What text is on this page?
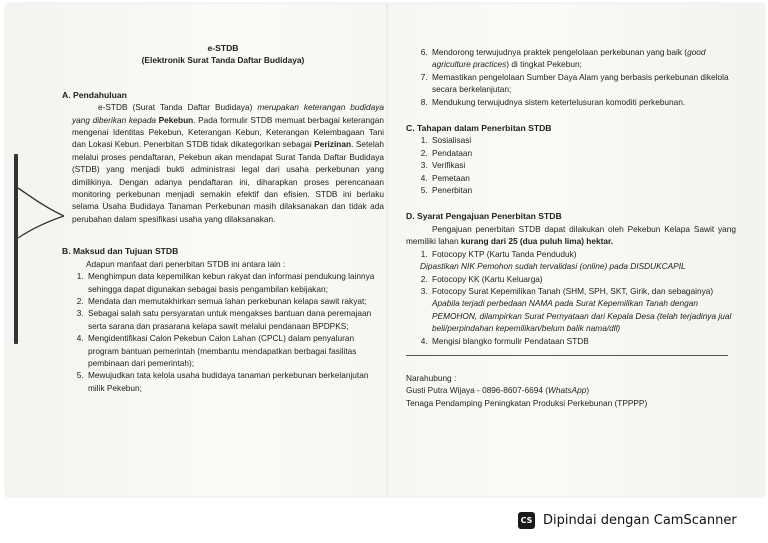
e-STDB
(Elektronik Surat Tanda Daftar Budidaya)
A. Pendahuluan
e-STDB (Surat Tanda Daftar Budidaya) merupakan keterangan budidaya yang diberikan kepada Pekebun. Pada formulir STDB memuat berbagai keterangan mengenai Identitas Pekebun, Keterangan Kebun, Keterangan Kelembagaan Tani dan Lokasi Kebun. Penerbitan STDB tidak dikategorikan sebagai Perizinan. Setelah melalui proses pendaftaran, Pekebun akan mendapat Surat Tanda Daftar Budidaya (STDB) yang menjadi bukti administrasi legal dari usaha perkebunan yang dimilikinya. Dengan adanya pendaftaran ini, diharapkan proses perencanaan monitoring perkebunan menjadi semakin efektif dan efisien. STDB ini berlaku selama Usaha Budidaya Tanaman Perkebunan masih dilaksanakan dan tidak ada perubahan dalam spesifikasi usaha yang dilaksanakan.
B. Maksud dan Tujuan STDB
Adapun manfaat dari penerbitan STDB ini antara lain :
1. Menghimpun data kepemilikan kebun rakyat dan informasi pendukung lainnya sehingga dapat digunakan sebagai basis pengambilan kebijakan;
2. Mendata dan memutakhirkan semua lahan perkebunan kelapa sawit rakyat;
3. Sebagai salah satu persyaratan untuk mengakses bantuan dana peremajaan serta sarana dan prasarana kelapa sawit melalui pendanaan BPDPKS;
4. Mengidentifikasi Calon Pekebun Calon Lahan (CPCL) dalam penyaluran program bantuan pemerintah (membantu mendapatkan berbagai fasilitas pembinaan dari pemerintah);
5. Mewujudkan tata kelola usaha budidaya tanaman perkebunan berkelanjutan milik Pekebun;
6. Mendorong terwujudnya praktek pengelolaan perkebunan yang baik (good agriculture practices) di tingkat Pekebun;
7. Memastikan pengelolaan Sumber Daya Alam yang berbasis perkebunan dikelola secara berkelanjutan;
8. Mendukung terwujudnya sistem ketertelusuran komoditi perkebunan.
C. Tahapan dalam Penerbitan STDB
1. Sosialisasi
2. Pendataan
3. Verifikasi
4. Pemetaan
5. Penerbitan
D. Syarat Pengajuan Penerbitan STDB
Pengajuan penerbitan STDB dapat dilakukan oleh Pekebun Kelapa Sawit yang memiliki lahan kurang dari 25 (dua puluh lima) hektar.
1. Fotocopy KTP (Kartu Tanda Penduduk)
Dipastikan NIK Pemohon sudah tervalidasi (online) pada DISDUKCAPIL
2. Fotocopy KK (Kartu Keluarga)
3. Fotocopy Surat Kepemilikan Tanah (SHM, SPH, SKT, Girik, dan sebagainya)
Apabila terjadi perbedaan NAMA pada Surat Kepemilikan Tanah dengan PEMOHON, dilampirkan Surat Pernyataan dari Kepala Desa (telah terjadinya jual beli/perpindahan kepemilikan/belum balik nama/dll)
4. Mengisi blangko formulir Pendataan STDB
Narahubung :
Gusti Putra Wijaya - 0896-8607-6694 (WhatsApp)
Tenaga Pendamping Peningkatan Produksi Perkebunan (TPPPP)
CS Dipindai dengan CamScanner
